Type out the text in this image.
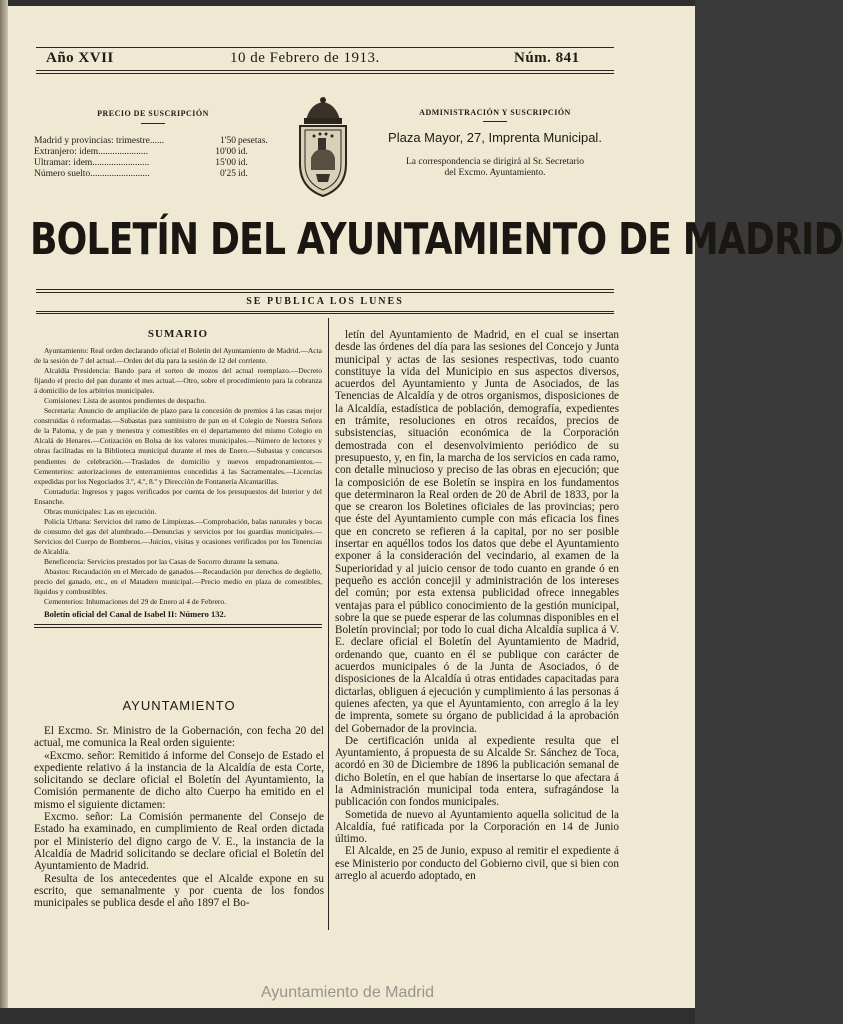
Año XVII	10 de Febrero de 1913.	Núm. 841
PRECIO DE SUSCRIPCIÓN
Madrid y provincias: trimestre......	1'50 pesetas.
Extranjero: idem.....................	10'00 id.
Ultramar: idem........................	15'00 id.
Número suelto.........................	0'25 id.
ADMINISTRACIÓN Y SUSCRIPCIÓN
Plaza Mayor, 27, Imprenta Municipal.
La correspondencia se dirigirá al Sr. Secretario
del Excmo. Ayuntamiento.
BOLETÍN DEL AYUNTAMIENTO DE MADRID
SE PUBLICA LOS LUNES
SUMARIO

Ayuntamiento: Real orden declarando oficial el Boletín del Ayuntamiento de Madrid.—Acta de la sesión de 7 del actual.—Orden del día para la sesión de 12 del corriente.

Alcaldía Presidencia: Bando para el sorteo de mozos del actual reemplazo.—Decreto fijando el precio del pan durante el mes actual.—Otro, sobre el procedimiento para la cobranza á domicilio de los arbitrios municipales.

Comisiones: Lista de asuntos pendientes de despacho.

Secretaria: Anuncio de ampliación de plazo para la concesión de premios á las casas mejor construidas ó reformadas.—Subastas para suministro de pan en el Colegio de Nuestra Señora de la Paloma, y de pan y menestra y comestibles en el departamento del mismo Colegio en Alcalá de Henares.—Cotización en Bolsa de los valores municipales.—Número de lectores y obras facilitadas en la Biblioteca municipal durante el mes de Enero.—Subastas y concursos pendientes de celebración.—Traslados de domicilio y nuevos empadronamientos.—Cementerios: autorizaciones de enterramientos concedidas á las Sacramentales.—Licencias expedidas por los Negociados 3.º, 4.º, 8.º y Dirección de Fontanería Alcantarillas.

Contaduría: Ingresos y pagos verificados por cuenta de los presupuestos del Interior y del Ensanche.

Obras municipales: Las en ejecución.

Policía Urbana: Servicios del ramo de Limpiezas.—Comprobación, balas naturales y bocas de consumo del gas del alumbrado.—Denuncias y servicios por los guardias municipales.—Servicios del Cuerpo de Bomberos.—Juicios, visitas y ocasiones verificados por los Tenencias de Alcaldía.

Beneficencia: Servicios prestados por las Casas de Socorro durante la semana.

Abastos: Recaudación en el Mercado de ganados.—Recaudación por derechos de degüello, precio del ganado, etc., en el Matadero municipal.—Precio medio en plaza de comestibles, líquidos y combustibles.

Cementerios: Inhumaciones del 29 de Enero al 4 de Febrero.

Boletín oficial del Canal de Isabel II: Número 132.

AYUNTAMIENTO

El Excmo. Sr. Ministro de la Gobernación, con fecha 20 del actual, me comunica la Real orden siguiente:

«Excmo. señor: Remitido á informe del Consejo de Estado el expediente relativo á la instancia de la Alcaldía de esta Corte, solicitando se declare oficial el Boletín del Ayuntamiento, la Comisión permanente de dicho alto Cuerpo ha emitido en el mismo el siguiente dictamen:

Excmo. señor: La Comisión permanente del Consejo de Estado ha examinado, en cumplimiento de Real orden dictada por el Ministerio del digno cargo de V. E., la instancia de la Alcaldía de Madrid solicitando se declare oficial el Boletín del Ayuntamiento de Madrid.

Resulta de los antecedentes que el Alcalde expone en su escrito, que semanalmente y por cuenta de los fondos municipales se publica desde el año 1897 el Bo-

letín del Ayuntamiento de Madrid, en el cual se insertan desde las órdenes del día para las sesiones del Concejo y Junta municipal y actas de las sesiones respectivas, todo cuanto constituye la vida del Municipio en sus aspectos diversos, acuerdos del Ayuntamiento y Junta de Asociados, de las Tenencias de Alcaldía y de otros organismos, disposiciones de la Alcaldía, estadística de población, demografía, expedientes en trámite, resoluciones en otros recaídos, precios de subsistencias, situación económica de la Corporación demostrada con el desenvolvimiento periódico de su presupuesto, y, en fin, la marcha de los servicios en cada ramo, con detalle minucioso y preciso de las obras en ejecución; que la composición de ese Boletín se inspira en los fundamentos que determinaron la Real orden de 20 de Abril de 1833, por la que se crearon los Boletines oficiales de las provincias; pero que éste del Ayuntamiento cumple con más eficacia los fines que en concreto se refieren á la capital, por no ser posible insertar en aquéllos todos los datos que debe el Ayuntamiento exponer á la consideración del vecindario, al examen de la Superioridad y al juicio censor de todo cuanto en grande ó en pequeño es acción concejil y administración de los intereses del común; por esta extensa publicidad ofrece innegables ventajas para el público conocimiento de la gestión municipal, sobre la que se puede esperar de las columnas disponibles en el Boletín provincial; por todo lo cual dicha Alcaldía suplica á V. E. declare oficial el Boletín del Ayuntamiento de Madrid, ordenando que, cuanto en él se publique con carácter de acuerdos municipales ó de la Junta de Asociados, ó de disposiciones de la Alcaldía ú otras entidades capacitadas para dictarlas, obliguen á ejecución y cumplimiento á las personas á quienes afecten, ya que el Ayuntamiento, con arreglo á la ley de imprenta, somete su órgano de publicidad á la aprobación del Gobernador de la provincia.

De certificación unida al expediente resulta que el Ayuntamiento, á propuesta de su Alcalde Sr. Sánchez de Toca, acordó en 30 de Diciembre de 1896 la publicación semanal de dicho Boletín, en el que habían de insertarse lo que afectara á la Administración municipal toda entera, sufragándose la publicación con fondos municipales.

Sometida de nuevo al Ayuntamiento aquella solicitud de la Alcaldía, fué ratificada por la Corporación en 14 de Junio último.

El Alcalde, en 25 de Junio, expuso al remitir el expediente á ese Ministerio por conducto del Gobierno civil, que si bien con arreglo al acuerdo adoptado, en

Ayuntamiento de Madrid
